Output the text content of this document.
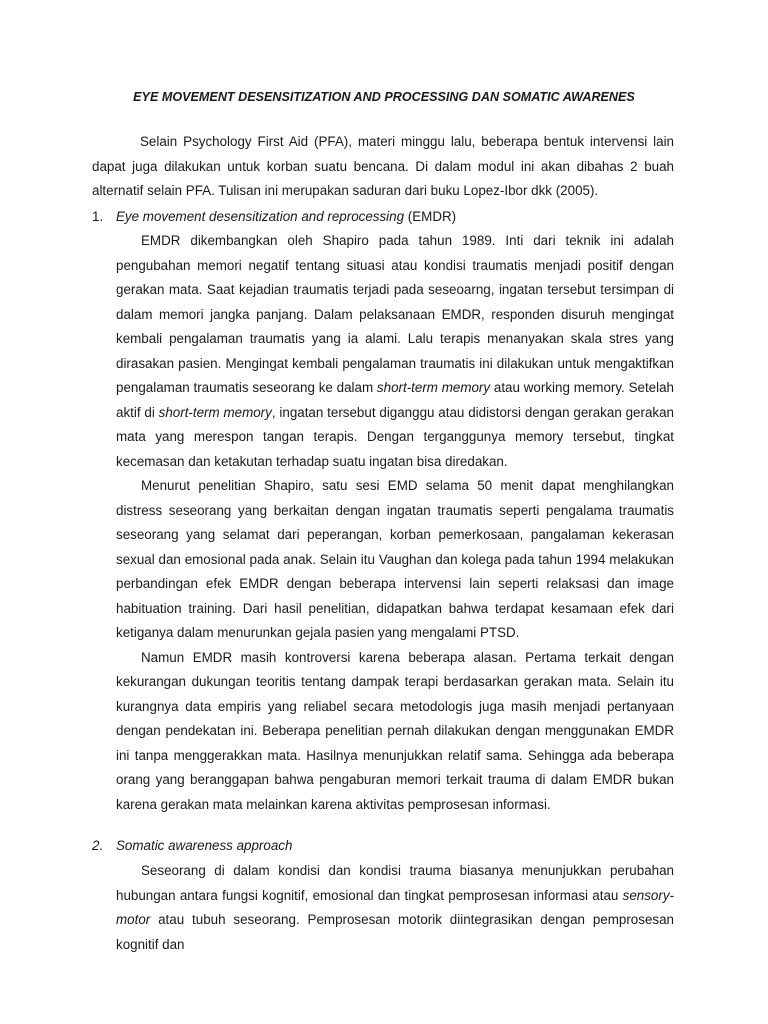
EYE MOVEMENT DESENSITIZATION AND PROCESSING DAN SOMATIC AWARENES

Selain Psychology First Aid (PFA), materi minggu lalu, beberapa bentuk intervensi lain dapat juga dilakukan untuk korban suatu bencana. Di dalam modul ini akan dibahas 2 buah alternatif selain PFA. Tulisan ini merupakan saduran dari buku Lopez-Ibor dkk (2005).

1. Eye movement desensitization and reprocessing (EMDR)

EMDR dikembangkan oleh Shapiro pada tahun 1989. Inti dari teknik ini adalah pengubahan memori negatif tentang situasi atau kondisi traumatis menjadi positif dengan gerakan mata. Saat kejadian traumatis terjadi pada seseoarng, ingatan tersebut tersimpan di dalam memori jangka panjang. Dalam pelaksanaan EMDR, responden disuruh mengingat kembali pengalaman traumatis yang ia alami. Lalu terapis menanyakan skala stres yang dirasakan pasien. Mengingat kembali pengalaman traumatis ini dilakukan untuk mengaktifkan pengalaman traumatis seseorang ke dalam short-term memory atau working memory. Setelah aktif di short-term memory, ingatan tersebut diganggu atau didistorsi dengan gerakan gerakan mata yang merespon tangan terapis. Dengan terganggunya memory tersebut, tingkat kecemasan dan ketakutan terhadap suatu ingatan bisa diredakan.

Menurut penelitian Shapiro, satu sesi EMD selama 50 menit dapat menghilangkan distress seseorang yang berkaitan dengan ingatan traumatis seperti pengalama traumatis seseorang yang selamat dari peperangan, korban pemerkosaan, pangalaman kekerasan sexual dan emosional pada anak. Selain itu Vaughan dan kolega pada tahun 1994 melakukan perbandingan efek EMDR dengan beberapa intervensi lain seperti relaksasi dan image habituation training. Dari hasil penelitian, didapatkan bahwa terdapat kesamaan efek dari ketiganya dalam menurunkan gejala pasien yang mengalami PTSD.

Namun EMDR masih kontroversi karena beberapa alasan. Pertama terkait dengan kekurangan dukungan teoritis tentang dampak terapi berdasarkan gerakan mata. Selain itu kurangnya data empiris yang reliabel secara metodologis juga masih menjadi pertanyaan dengan pendekatan ini. Beberapa penelitian pernah dilakukan dengan menggunakan EMDR ini tanpa menggerakkan mata. Hasilnya menunjukkan relatif sama. Sehingga ada beberapa orang yang beranggapan bahwa pengaburan memori terkait trauma di dalam EMDR bukan karena gerakan mata melainkan karena aktivitas pemprosesan informasi.

2. Somatic awareness approach

Seseorang di dalam kondisi dan kondisi trauma biasanya menunjukkan perubahan hubungan antara fungsi kognitif, emosional dan tingkat pemprosesan informasi atau sensory-motor atau tubuh seseorang. Pemprosesan motorik diintegrasikan dengan pemprosesan kognitif dan
